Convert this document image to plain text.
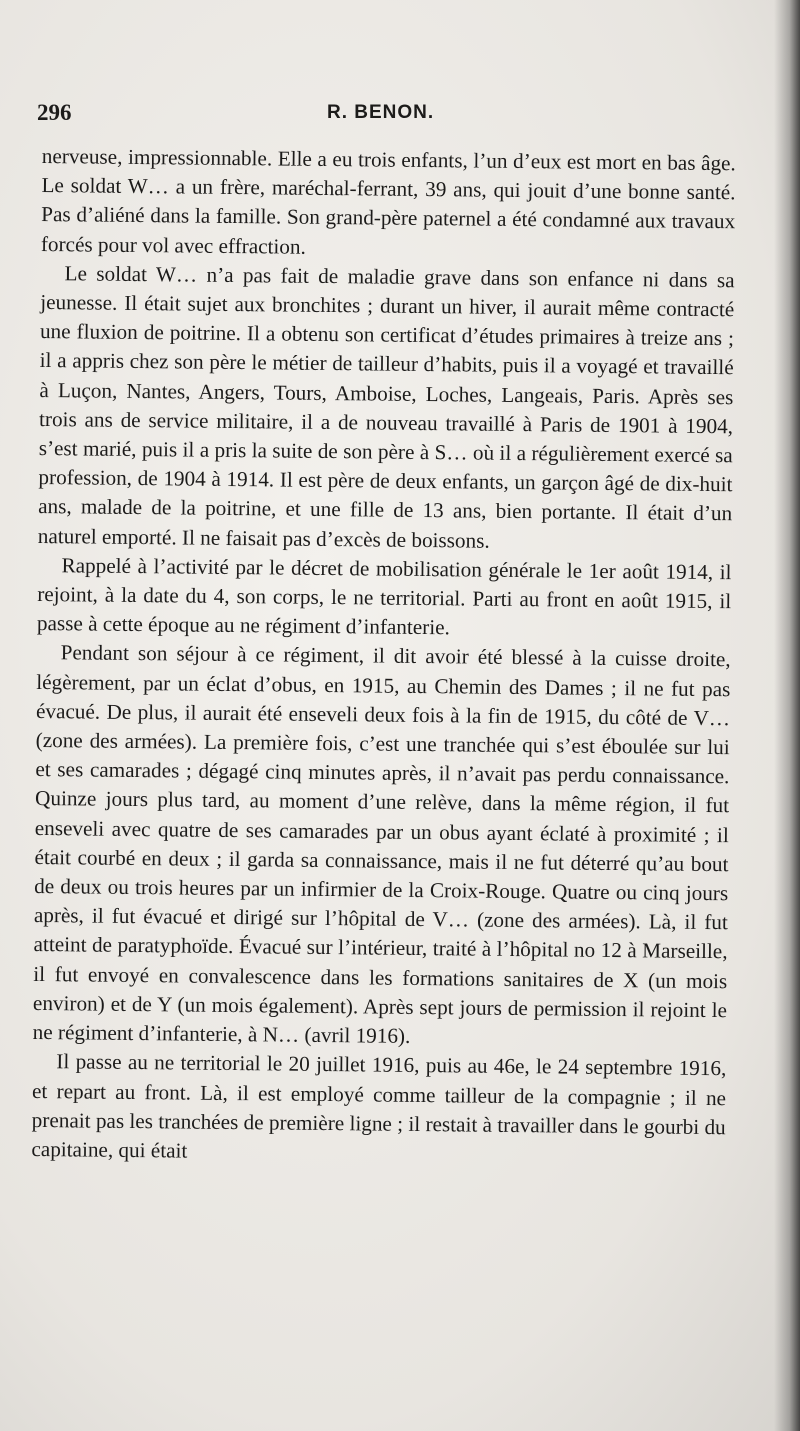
296	R. BENON.

nerveuse, impressionnable. Elle a eu trois enfants, l’un d’eux est mort en bas âge. Le soldat W… a un frère, maréchal-ferrant, 39 ans, qui jouit d’une bonne santé. Pas d’aliéné dans la famille. Son grand-père paternel a été condamné aux travaux forcés pour vol avec effraction.

Le soldat W… n’a pas fait de maladie grave dans son enfance ni dans sa jeunesse. Il était sujet aux bronchites ; durant un hiver, il aurait même contracté une fluxion de poitrine. Il a obtenu son certificat d’études primaires à treize ans ; il a appris chez son père le métier de tailleur d’habits, puis il a voyagé et travaillé à Luçon, Nantes, Angers, Tours, Amboise, Loches, Langeais, Paris. Après ses trois ans de service militaire, il a de nouveau travaillé à Paris de 1901 à 1904, s’est marié, puis il a pris la suite de son père à S… où il a régulièrement exercé sa profession, de 1904 à 1914. Il est père de deux enfants, un garçon âgé de dix-huit ans, malade de la poitrine, et une fille de 13 ans, bien portante. Il était d’un naturel emporté. Il ne faisait pas d’excès de boissons.

Rappelé à l’activité par le décret de mobilisation générale le 1er août 1914, il rejoint, à la date du 4, son corps, le ne territorial. Parti au front en août 1915, il passe à cette époque au ne régiment d’infanterie.

Pendant son séjour à ce régiment, il dit avoir été blessé à la cuisse droite, légèrement, par un éclat d’obus, en 1915, au Chemin des Dames ; il ne fut pas évacué. De plus, il aurait été enseveli deux fois à la fin de 1915, du côté de V… (zone des armées). La première fois, c’est une tranchée qui s’est éboulée sur lui et ses camarades ; dégagé cinq minutes après, il n’avait pas perdu connaissance. Quinze jours plus tard, au moment d’une relève, dans la même région, il fut enseveli avec quatre de ses camarades par un obus ayant éclaté à proximité ; il était courbé en deux ; il garda sa connaissance, mais il ne fut déterré qu’au bout de deux ou trois heures par un infirmier de la Croix-Rouge. Quatre ou cinq jours après, il fut évacué et dirigé sur l’hôpital de V… (zone des armées). Là, il fut atteint de paratyphoïde. Évacué sur l’intérieur, traité à l’hôpital no 12 à Marseille, il fut envoyé en convalescence dans les formations sanitaires de X (un mois environ) et de Y (un mois également). Après sept jours de permission il rejoint le ne régiment d’infanterie, à N… (avril 1916).

Il passe au ne territorial le 20 juillet 1916, puis au 46e, le 24 septembre 1916, et repart au front. Là, il est employé comme tailleur de la compagnie ; il ne prenait pas les tranchées de première ligne ; il restait à travailler dans le gourbi du capitaine, qui était
